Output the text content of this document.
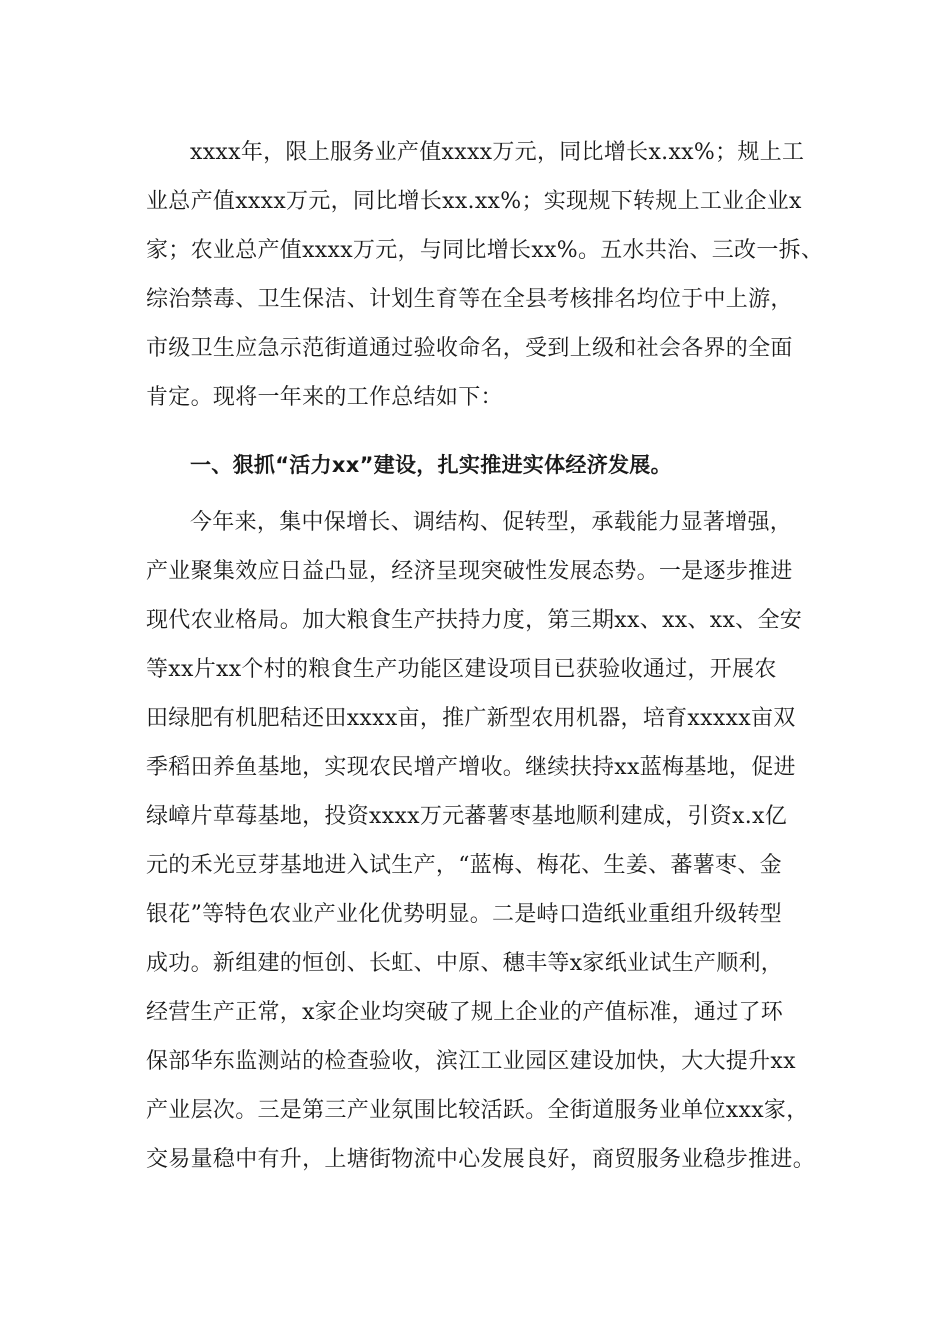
xxxx年，限上服务业产值xxxx万元，同比增长x.xx%；规上工
业总产值xxxx万元，同比增长xx.xx%；实现规下转规上工业企业x
家；农业总产值xxxx万元，与同比增长xx%。五水共治、三改一拆、
综治禁毒、卫生保洁、计划生育等在全县考核排名均位于中上游，
市级卫生应急示范街道通过验收命名，受到上级和社会各界的全面
肯定。现将一年来的工作总结如下：
一、狠抓“活力xx”建设，扎实推进实体经济发展。
今年来，集中保增长、调结构、促转型，承载能力显著增强，
产业聚集效应日益凸显，经济呈现突破性发展态势。一是逐步推进
现代农业格局。加大粮食生产扶持力度，第三期xx、xx、xx、全安
等xx片xx个村的粮食生产功能区建设项目已获验收通过，开展农
田绿肥有机肥秸还田xxxx亩，推广新型农用机器，培育xxxxx亩双
季稻田养鱼基地，实现农民增产增收。继续扶持xx蓝梅基地，促进
绿嶂片草莓基地，投资xxxx万元蕃薯枣基地顺利建成，引资x.x亿
元的禾光豆芽基地进入试生产，“蓝梅、梅花、生姜、蕃薯枣、金
银花”等特色农业产业化优势明显。二是峙口造纸业重组升级转型
成功。新组建的恒创、长虹、中原、穗丰等x家纸业试生产顺利，
经营生产正常，x家企业均突破了规上企业的产值标准，通过了环
保部华东监测站的检查验收，滨江工业园区建设加快，大大提升xx
产业层次。三是第三产业氛围比较活跃。全街道服务业单位xxx家，
交易量稳中有升，上塘街物流中心发展良好，商贸服务业稳步推进。
